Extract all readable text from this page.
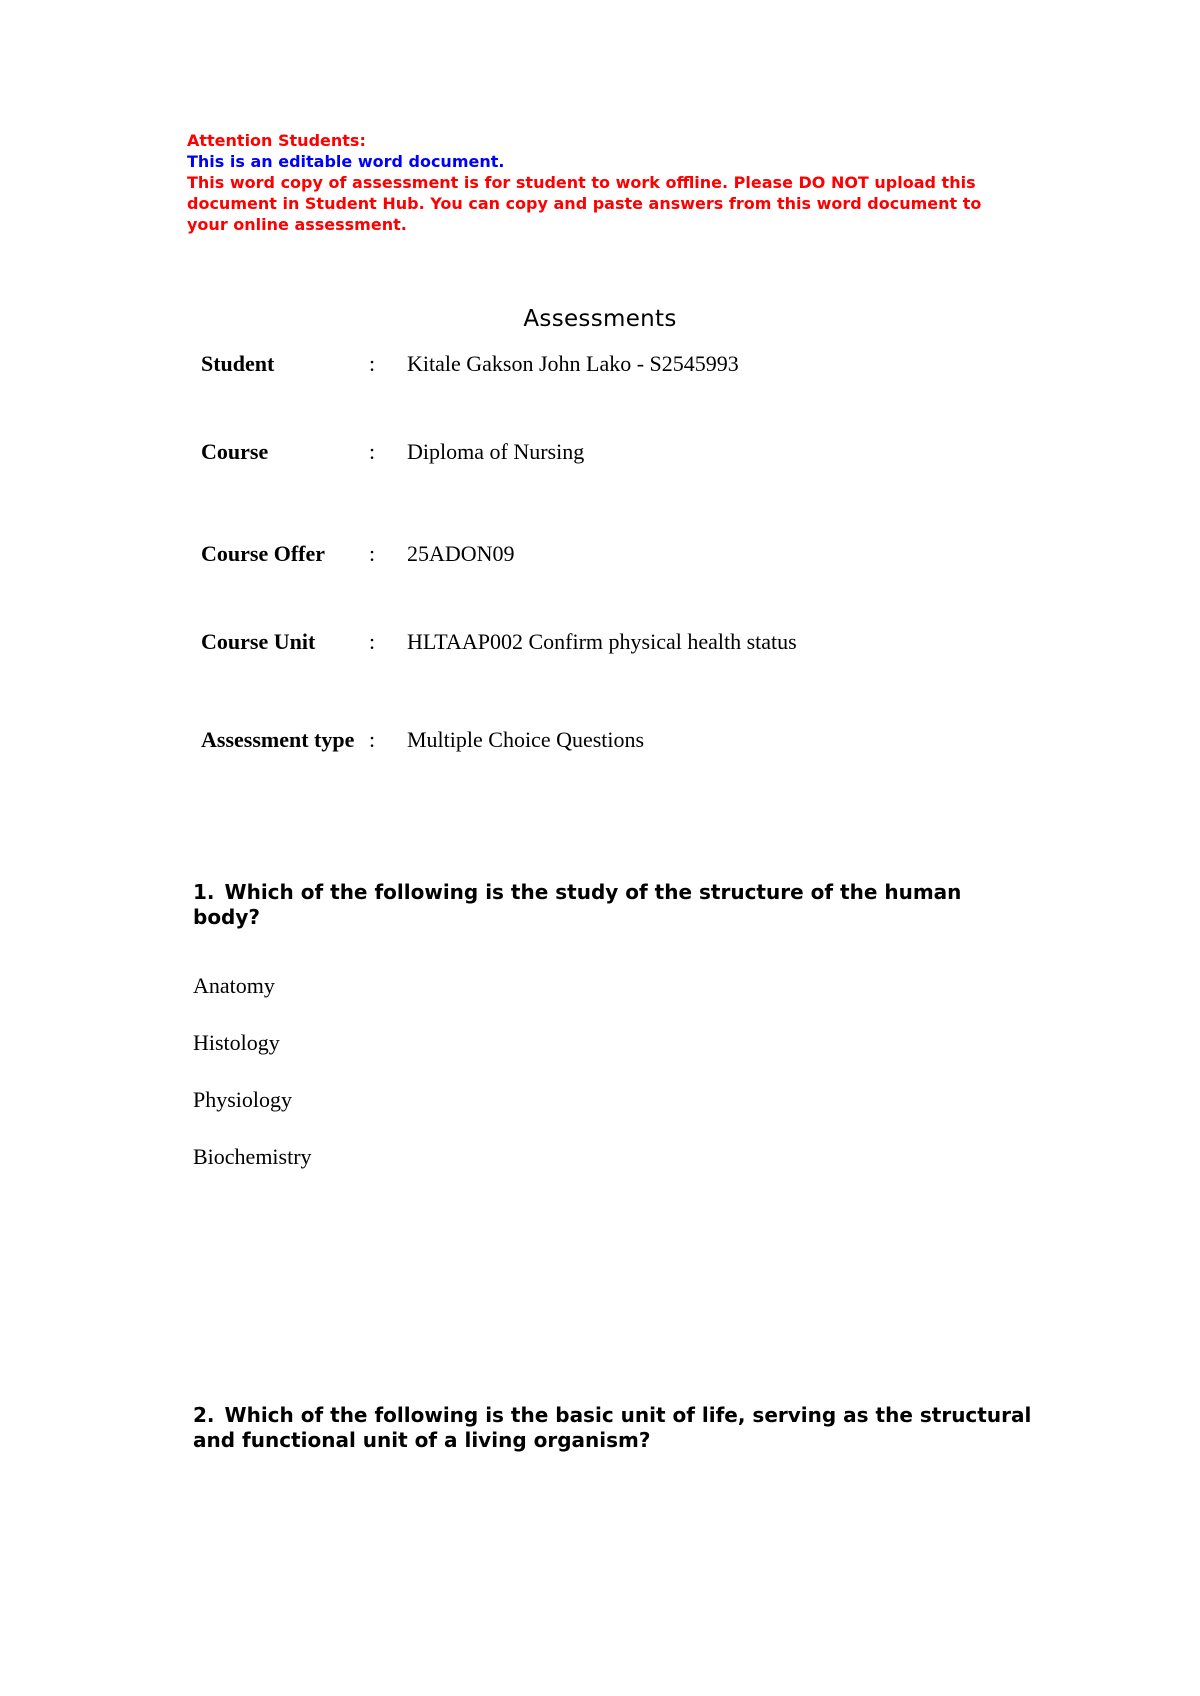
Attention Students:
This is an editable word document.
This word copy of assessment is for student to work offline. Please DO NOT upload this
document in Student Hub. You can copy and paste answers from this word document to
your online assessment.
Assessments
Student	:	Kitale Gakson John Lako - S2545993

Course	:	Diploma of Nursing

Course Offer	:	25ADON09

Course Unit	:	HLTAAP002 Confirm physical health status

Assessment type	:	Multiple Choice Questions
1. Which of the following is the study of the structure of the human body?
Anatomy
Histology
Physiology
Biochemistry
2. Which of the following is the basic unit of life, serving as the structural and functional unit of a living organism?
